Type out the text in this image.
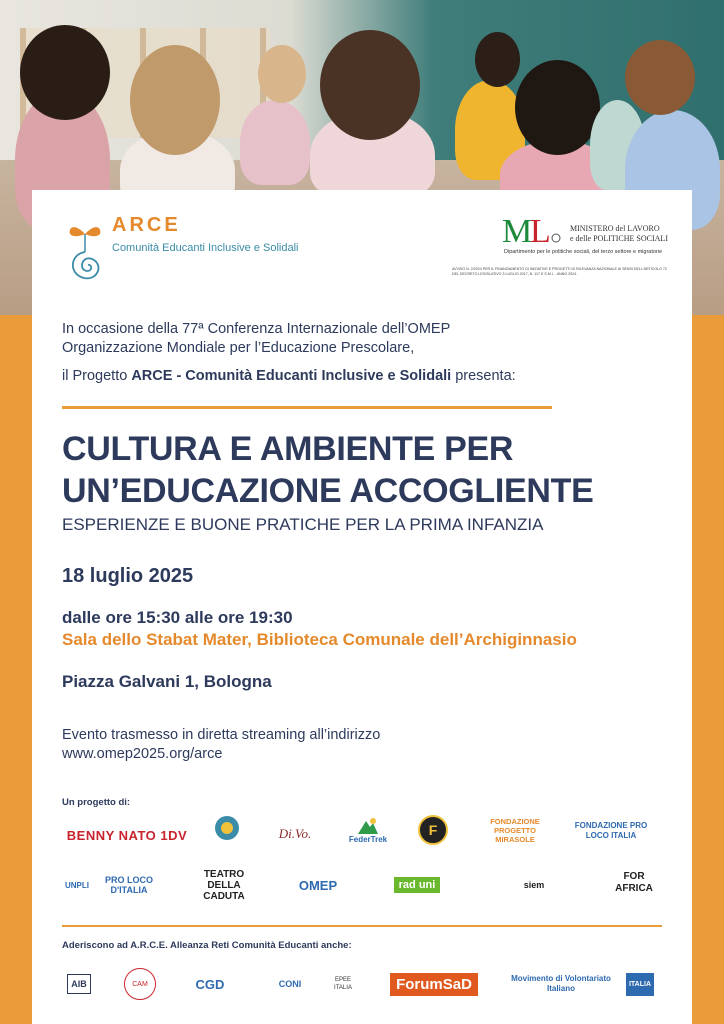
ARCE
Comunità Educanti Inclusive e Solidali	M
L MINISTERO del LAVORO
e delle POLITICHE SOCIALI
Dipartimento per le politiche sociali, del terzo settore e migratorie
AVVISO N. 2/2024 PER IL FINANZIAMENTO DI INIZIATIVE E PROGETTI DI RILEVANZA NAZIONALE AI SENSI DELL'ARTICOLO 72 DEL DECRETO LEGISLATIVO 3 LUGLIO 2017, N. 117 E S.M.I. - ANNO 2024.
In occasione della 77ª Conferenza Internazionale dell’OMEP
Organizzazione Mondiale per l’Educazione Prescolare,
il Progetto ARCE - Comunità Educanti Inclusive e Solidali presenta:
CULTURA E AMBIENTE PER
UN’EDUCAZIONE ACCOGLIENTE
ESPERIENZE E BUONE PRATICHE PER LA PRIMA INFANZIA
18 luglio 2025
dalle ore 15:30 alle ore 19:30
Sala dello Stabat Mater, Biblioteca Comunale dell’Archiginnasio
Piazza Galvani 1, Bologna
Evento trasmesso in diretta streaming all’indirizzo
www.omep2025.org/arce
Un progetto di:
BENNY NATO 1DV	Di.Vo.	FederTrek
F
FONDAZIONE PROGETTO MIRASOLE
FONDAZIONE PRO LOCO ITALIA
UNPLI	PRO LOCO D'ITALIA
TEATRO DELLA CADUTA
OMEP	rad uni	siem
FOR AFRICA
Aderiscono ad A.R.C.E. Alleanza Reti Comunità Educanti anche:
AIB	CAM	CGD	CONI	EPEE ITALIA	ForumSaD	Movimento di Volontariato Italiano	ITALIA
